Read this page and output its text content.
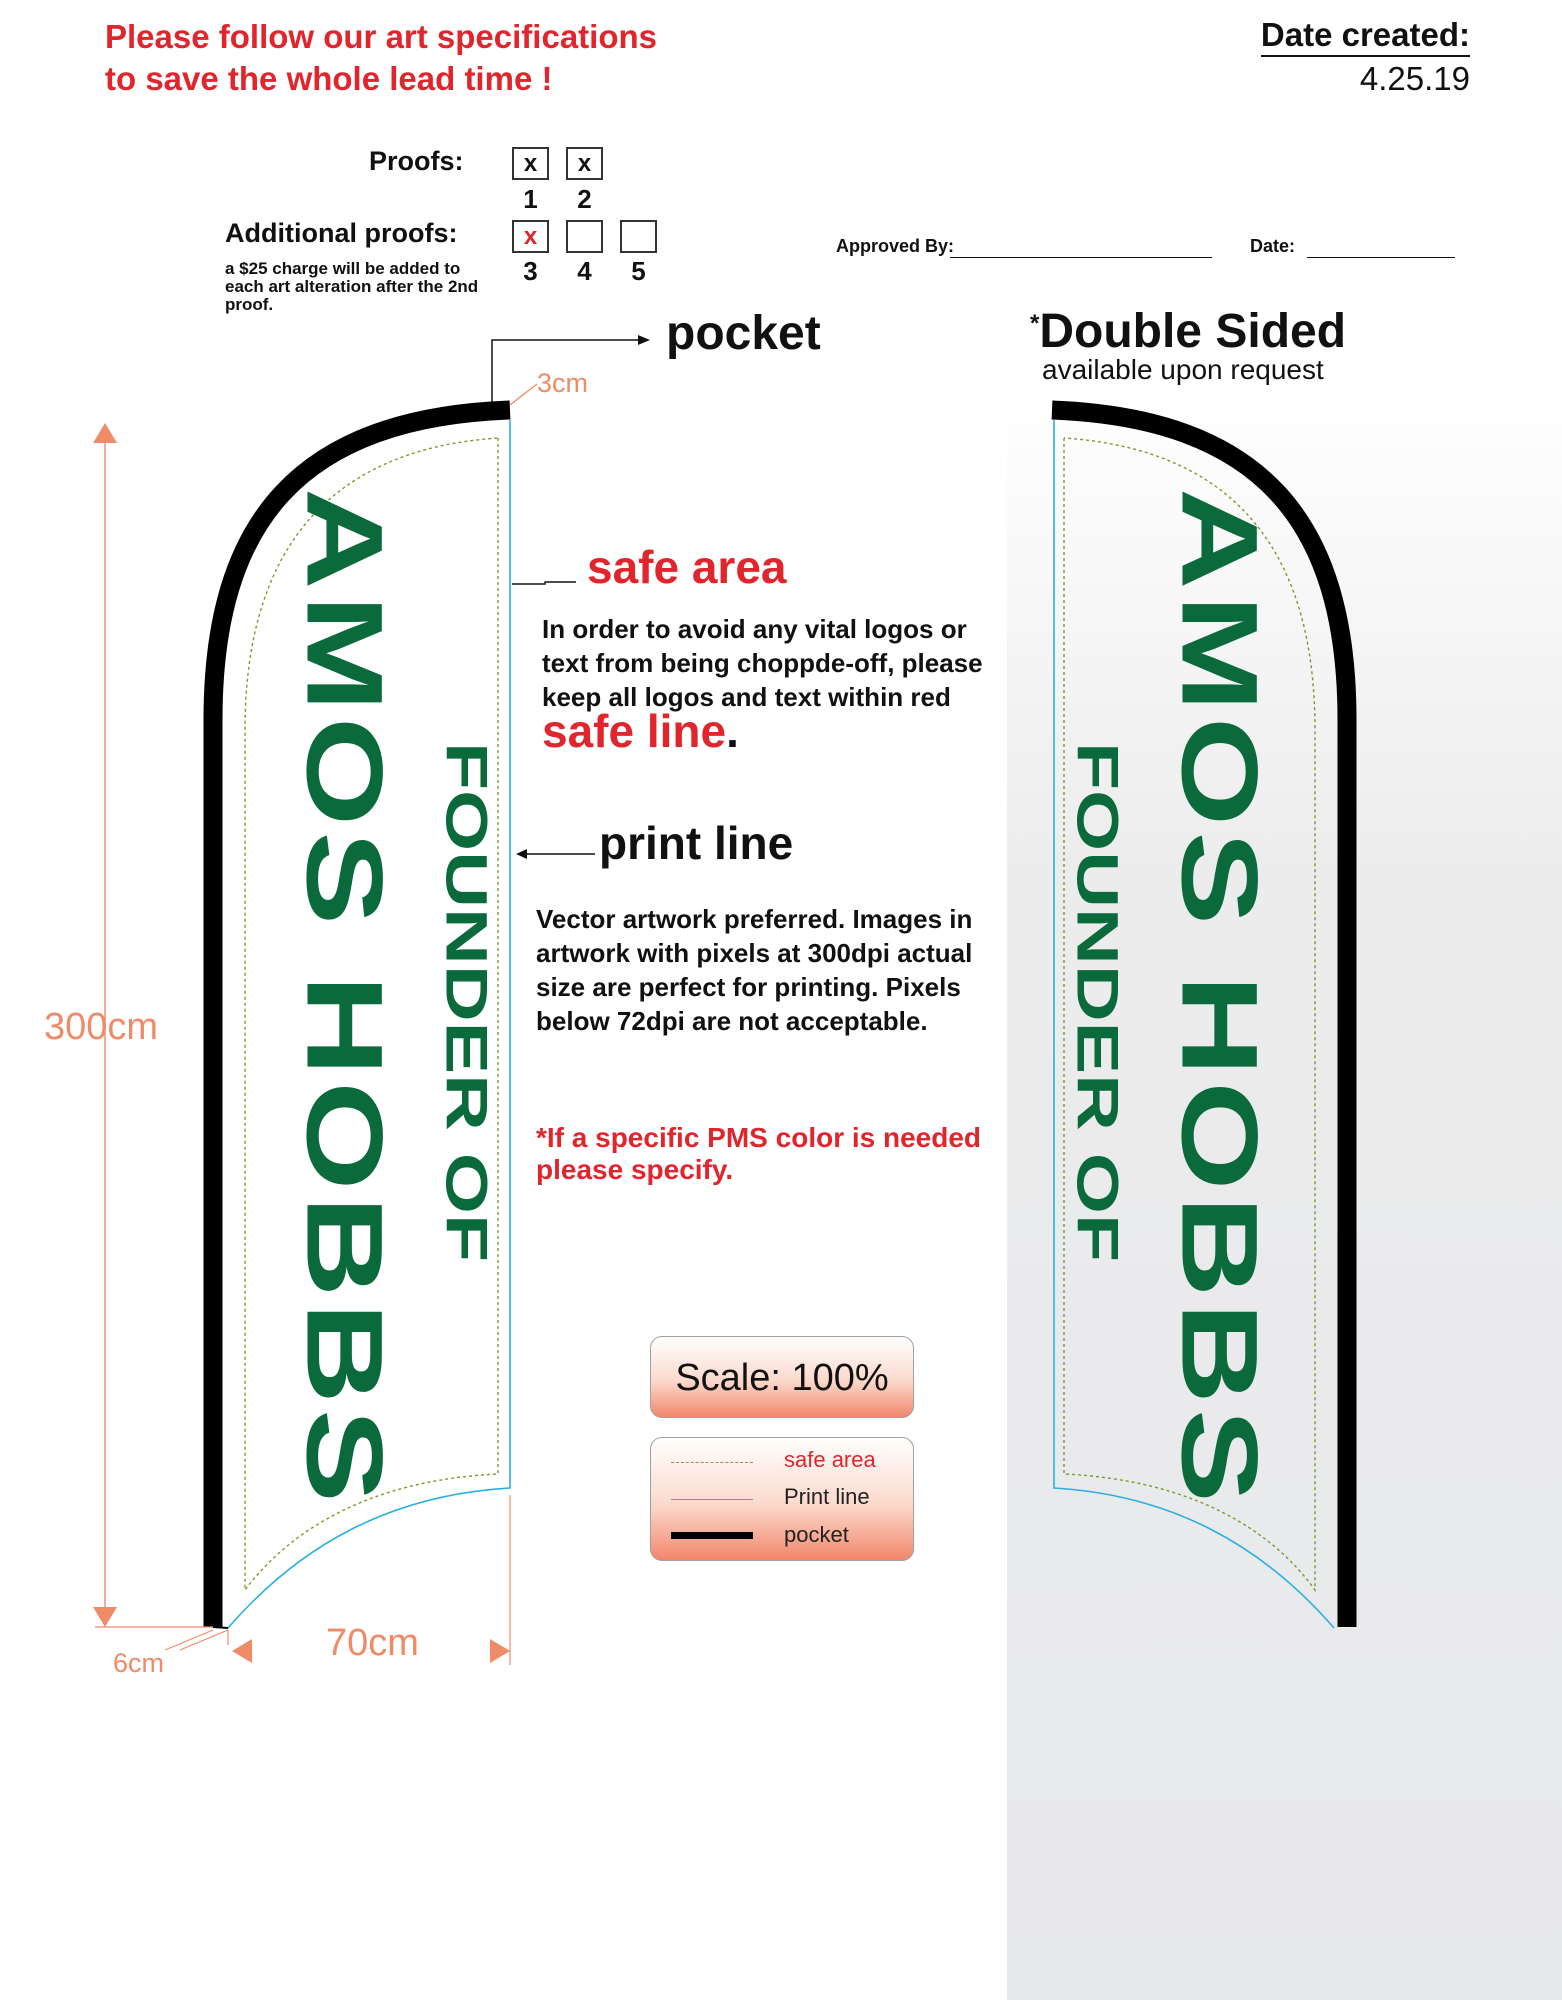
Please follow our art specifications
to save the whole lead time !
Date created:
4.25.19
Proofs:	x	x
1	2
Additional proofs:
a $25 charge will be added to each art alteration after the 2nd proof.
x
3	4	5
Approved By:	Date:
pocket	*Double Sided
available upon request
safe area
In order to avoid any vital logos or text from being choppde-off, please keep all logos and text within red safe line.
print line
Vector artwork preferred. Images in artwork with pixels at 300dpi actual size are perfect for printing. Pixels below 72dpi are not acceptable.
*If a specific PMS color is needed please specify.
3cm
300cm
70cm
6cm
AMOS HOBBS FOUNDER OF	AMOS HOBBS
FOUNDER OF
Scale: 100%
safe area
Print line
pocket
